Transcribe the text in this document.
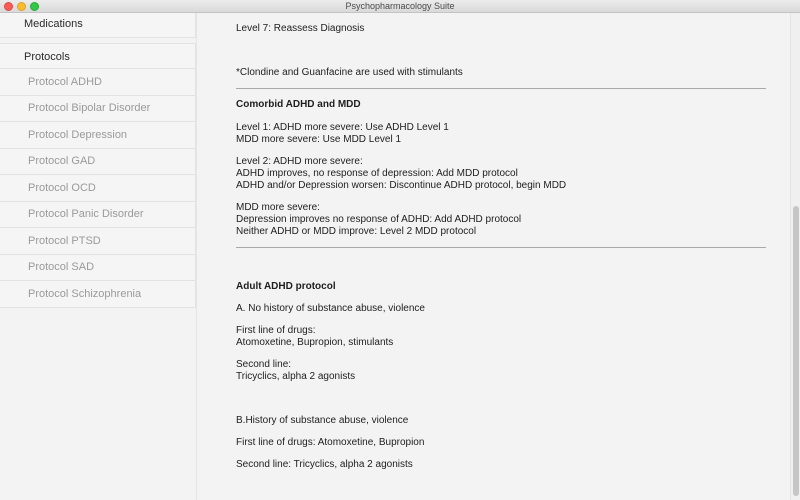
Psychopharmacology Suite
Medications
Protocols
Protocol ADHD
Protocol Bipolar Disorder
Protocol Depression
Protocol GAD
Protocol OCD
Protocol Panic Disorder
Protocol PTSD
Protocol SAD
Protocol Schizophrenia
Level 7: Reassess Diagnosis
*Clondine and Guanfacine are used with stimulants
Comorbid ADHD and MDD
Level 1: ADHD more severe: Use ADHD Level 1
MDD more severe: Use MDD Level 1
Level 2: ADHD more severe:
ADHD improves, no response of depression: Add MDD protocol
ADHD and/or Depression worsen: Discontinue ADHD protocol, begin MDD
MDD more severe:
Depression improves no response of ADHD: Add ADHD protocol
Neither ADHD or MDD improve: Level 2 MDD protocol
Adult ADHD protocol
A. No history of substance abuse, violence
First line of drugs:
Atomoxetine, Bupropion, stimulants
Second line:
Tricyclics, alpha 2 agonists
B.History of substance abuse, violence
First line of drugs: Atomoxetine, Bupropion
Second line: Tricyclics, alpha 2 agonists
